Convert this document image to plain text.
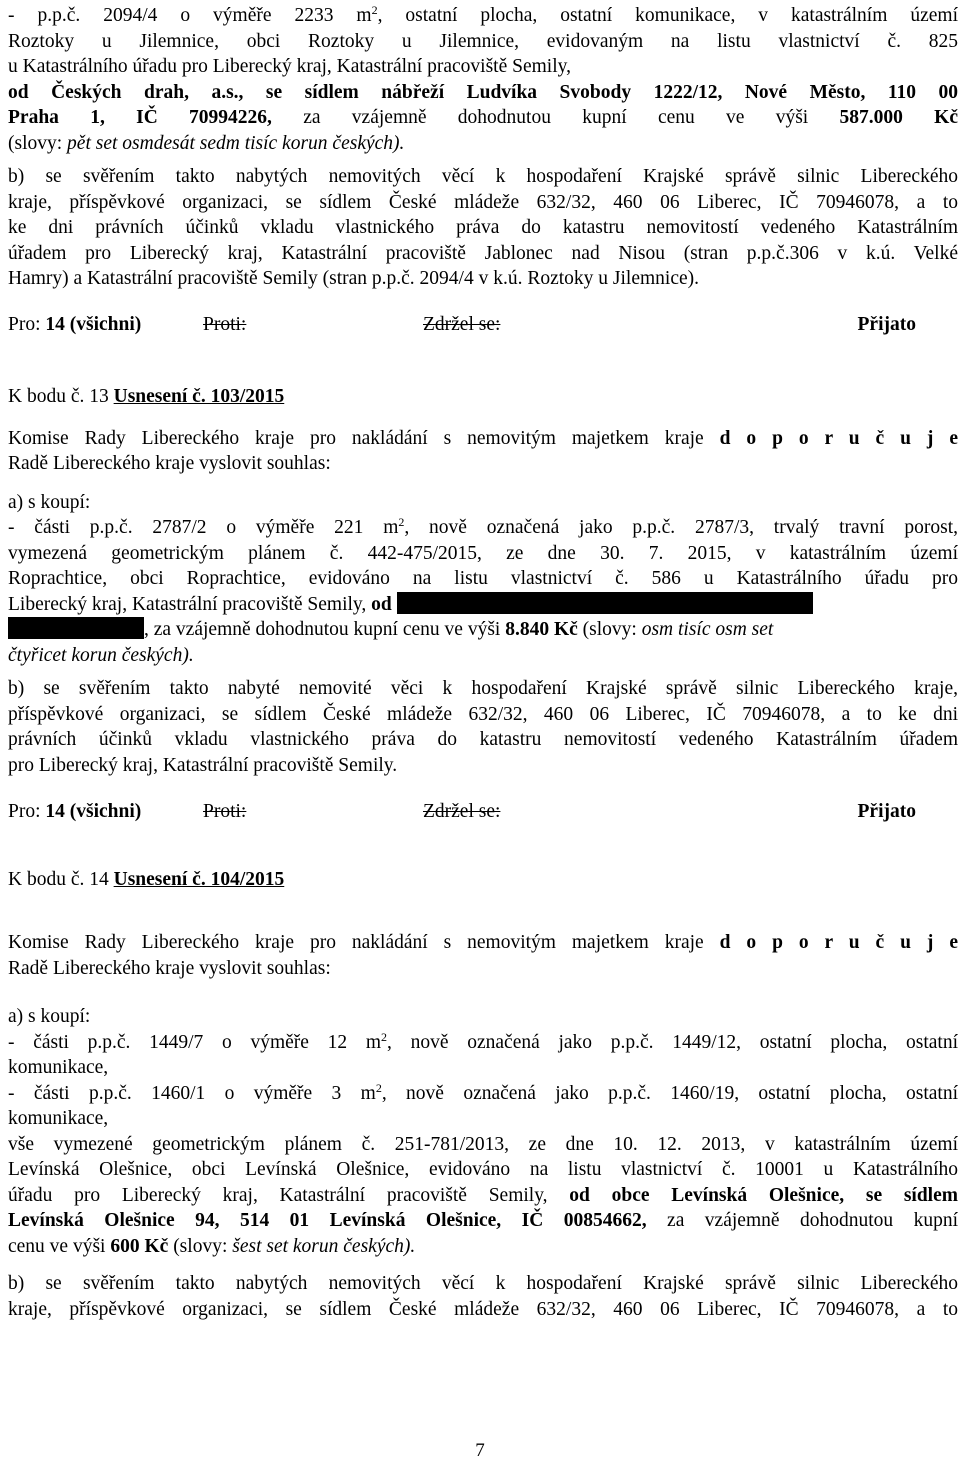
- p.p.č. 2094/4 o výměře 2233 $m^2$, ostatní plocha, ostatní komunikace, v katastrálním území
Roztoky u Jilemnice, obci Roztoky u Jilemnice, evidovaným na listu vlastnictví č. 825
u Katastrálního úřadu pro Liberecký kraj, Katastrální pracoviště Semily,
od Českých drah, a.s., se sídlem nábřeží Ludvíka Svobody 1222/12, Nové Město, 110 00
Praha 1, IČ 70994226, za vzájemně dohodnutou kupní cenu ve výši 587.000 Kč
(slovy: pět set osmdesát sedm tisíc korun českých).
b) se svěřením takto nabytých nemovitých věcí k hospodaření Krajské správě silnic Libereckého
kraje, příspěvkové organizaci, se sídlem České mládeže 632/32, 460 06 Liberec, IČ 70946078, a to
ke dni právních účinků vkladu vlastnického práva do katastru nemovitostí vedeného Katastrálním
úřadem pro Liberecký kraj, Katastrální pracoviště Jablonec nad Nisou (stran p.p.č.306 v k.ú. Velké
Hamry) a Katastrální pracoviště Semily (stran p.p.č. 2094/4 v k.ú. Roztoky u Jilemnice).
Pro: 14 (všichni)	Proti:	Zdržel se:	Přijato
K bodu č. 13 Usnesení č. 103/2015
Komise Rady Libereckého kraje pro nakládání s nemovitým majetkem kraje d o p o r u č u j e
Radě Libereckého kraje vyslovit souhlas:
a) s koupí:
- části p.p.č. 2787/2 o výměře 221 $m^2$, nově označená jako p.p.č. 2787/3, trvalý travní porost,
vymezená geometrickým plánem č. 442-475/2015, ze dne 30. 7. 2015, v katastrálním území
Roprachtice, obci Roprachtice, evidováno na listu vlastnictví č. 586 u Katastrálního úřadu pro
Liberecký kraj, Katastrální pracoviště Semily, od
, za vzájemně dohodnutou kupní cenu ve výši 8.840 Kč (slovy: osm tisíc osm set
čtyřicet korun českých).
b) se svěřením takto nabyté nemovité věci k hospodaření Krajské správě silnic Libereckého kraje,
příspěvkové organizaci, se sídlem České mládeže 632/32, 460 06 Liberec, IČ 70946078, a to ke dni
právních účinků vkladu vlastnického práva do katastru nemovitostí vedeného Katastrálním úřadem
pro Liberecký kraj, Katastrální pracoviště Semily.
Pro: 14 (všichni)	Proti:	Zdržel se:	Přijato
K bodu č. 14 Usnesení č. 104/2015
Komise Rady Libereckého kraje pro nakládání s nemovitým majetkem kraje d o p o r u č u j e
Radě Libereckého kraje vyslovit souhlas:
a) s koupí:
- části p.p.č. 1449/7 o výměře 12 $m^2$, nově označená jako p.p.č. 1449/12, ostatní plocha, ostatní
komunikace,
- části p.p.č. 1460/1 o výměře 3 $m^2$, nově označená jako p.p.č. 1460/19, ostatní plocha, ostatní
komunikace,
vše vymezené geometrickým plánem č. 251-781/2013, ze dne 10. 12. 2013, v katastrálním území
Levínská Olešnice, obci Levínská Olešnice, evidováno na listu vlastnictví č. 10001 u Katastrálního
úřadu pro Liberecký kraj, Katastrální pracoviště Semily, od obce Levínská Olešnice, se sídlem
Levínská Olešnice 94, 514 01 Levínská Olešnice, IČ 00854662, za vzájemně dohodnutou kupní
cenu ve výši 600 Kč (slovy: šest set korun českých).
b) se svěřením takto nabytých nemovitých věcí k hospodaření Krajské správě silnic Libereckého
kraje, příspěvkové organizaci, se sídlem České mládeže 632/32, 460 06 Liberec, IČ 70946078, a to
7
